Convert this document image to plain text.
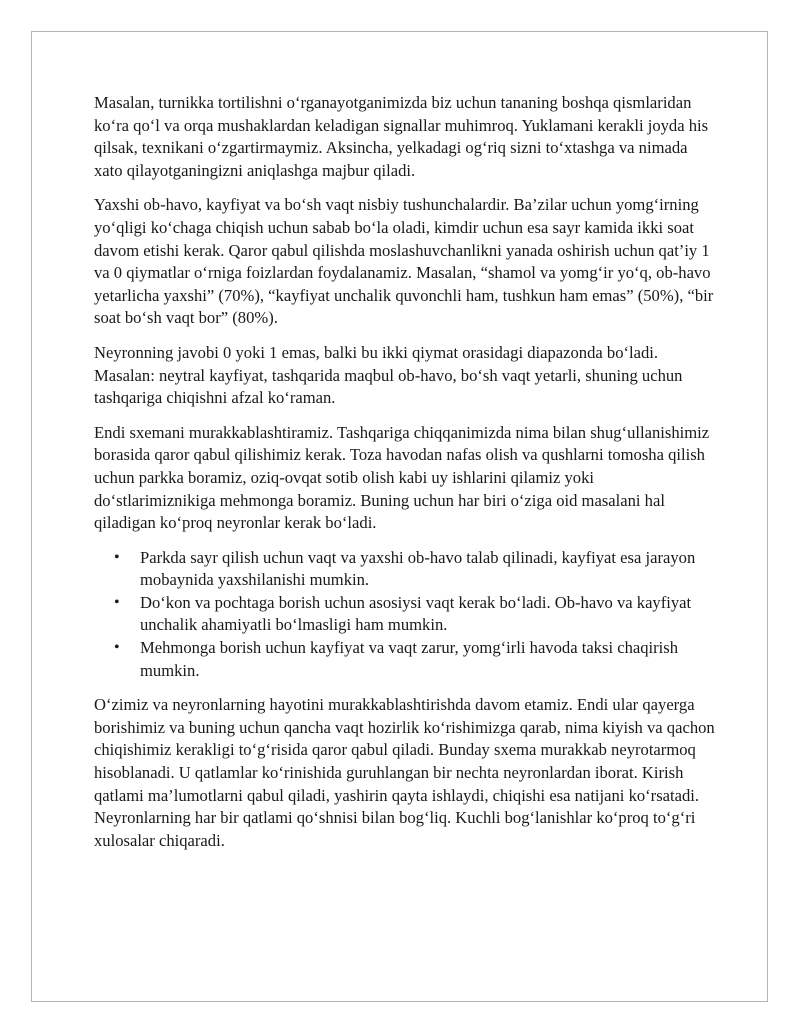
Masalan, turnikka tortilishni o‘rganayotganimizda biz uchun tananing boshqa qismlaridan ko‘ra qo‘l va orqa mushaklardan keladigan signallar muhimroq. Yuklamani kerakli joyda his qilsak, texnikani o‘zgartirmaymiz. Aksincha, yelkadagi og‘riq sizni to‘xtashga va nimada xato qilayotganingizni aniqlashga majbur qiladi.

Yaxshi ob-havo, kayfiyat va bo‘sh vaqt nisbiy tushunchalardir. Ba’zilar uchun yomg‘irning yo‘qligi ko‘chaga chiqish uchun sabab bo‘la oladi, kimdir uchun esa sayr kamida ikki soat davom etishi kerak. Qaror qabul qilishda moslashuvchanlikni yanada oshirish uchun qat’iy 1 va 0 qiymatlar o‘rniga foizlardan foydalanamiz. Masalan, “shamol va yomg‘ir yo‘q, ob-havo yetarlicha yaxshi” (70%), “kayfiyat unchalik quvonchli ham, tushkun ham emas” (50%), “bir soat bo‘sh vaqt bor” (80%).

Neyronning javobi 0 yoki 1 emas, balki bu ikki qiymat orasidagi diapazonda bo‘ladi. Masalan: neytral kayfiyat, tashqarida maqbul ob-havo, bo‘sh vaqt yetarli, shuning uchun tashqariga chiqishni afzal ko‘raman.

Endi sxemani murakkablashtiramiz. Tashqariga chiqqanimizda nima bilan shug‘ullanishimiz borasida qaror qabul qilishimiz kerak. Toza havodan nafas olish va qushlarni tomosha qilish uchun parkka boramiz, oziq-ovqat sotib olish kabi uy ishlarini qilamiz yoki do‘stlarimiznikiga mehmonga boramiz. Buning uchun har biri o‘ziga oid masalani hal qiladigan ko‘proq neyronlar kerak bo‘ladi.

• Parkda sayr qilish uchun vaqt va yaxshi ob-havo talab qilinadi, kayfiyat esa jarayon mobaynida yaxshilanishi mumkin.
• Do‘kon va pochtaga borish uchun asosiysi vaqt kerak bo‘ladi. Ob-havo va kayfiyat unchalik ahamiyatli bo‘lmasligi ham mumkin.
• Mehmonga borish uchun kayfiyat va vaqt zarur, yomg‘irli havoda taksi chaqirish mumkin.

O‘zimiz va neyronlarning hayotini murakkablashtirishda davom etamiz. Endi ular qayerga borishimiz va buning uchun qancha vaqt hozirlik ko‘rishimizga qarab, nima kiyish va qachon chiqishimiz kerakligi to‘g‘risida qaror qabul qiladi. Bunday sxema murakkab neyrotarmoq hisoblanadi. U qatlamlar ko‘rinishida guruhlangan bir nechta neyronlardan iborat. Kirish qatlami ma’lumotlarni qabul qiladi, yashirin qayta ishlaydi, chiqishi esa natijani ko‘rsatadi. Neyronlarning har bir qatlami qo‘shnisi bilan bog‘liq. Kuchli bog‘lanishlar ko‘proq to‘g‘ri xulosalar chiqaradi.
